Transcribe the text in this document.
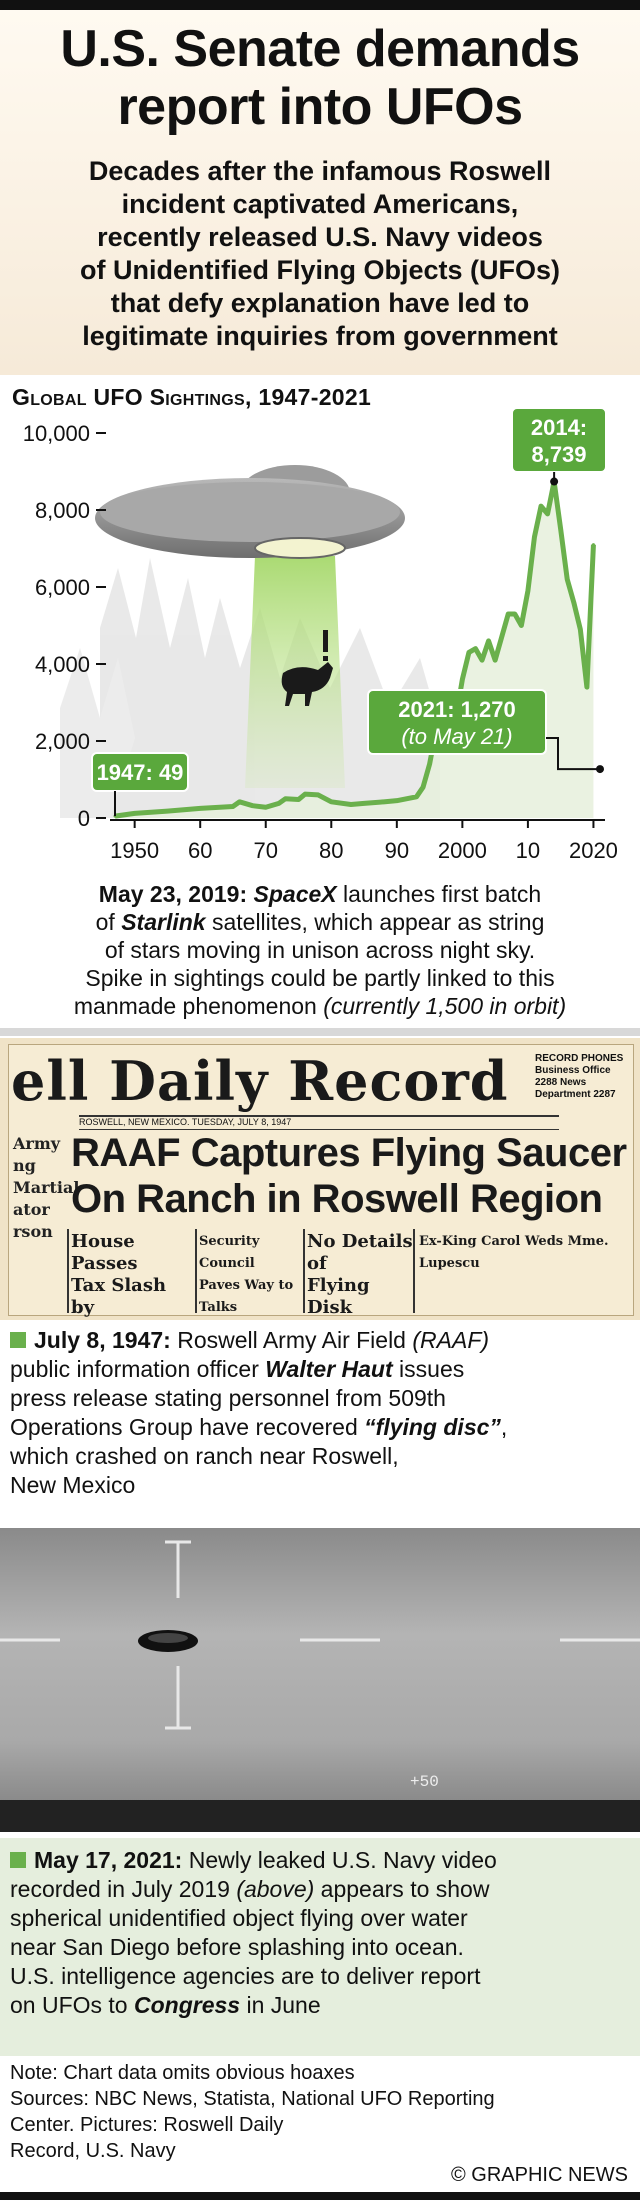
U.S. Senate demands
report into UFOs
Decades after the infamous Roswell
incident captivated Americans,
recently released U.S. Navy videos
of Unidentified Flying Objects (UFOs)
that defy explanation have led to
legitimate inquiries from government
Global UFO Sightings, 1947-2021
10,000
8,000
6,000
4,000
2,000
0
1950 60 70 80 90 2000 10 2020
1947: 49
2014:
8,739
2021: 1,270
(to May 21)
May 23, 2019: SpaceX launches first batch
of Starlink satellites, which appear as string
of stars moving in unison across night sky.
Spike in sightings could be partly linked to this
manmade phenomenon (currently 1,500 in orbit)
ell Daily Record	RECORD PHONES Business Office 2288 News Department 2287
ROSWELL, NEW MEXICO. TUESDAY, JULY 8, 1947
Army
ng
Martial
ator
rson
RAAF Captures Flying Saucer
On Ranch in Roswell Region
House Passes
Tax Slash by
Security Council
Paves Way to Talks
No Details of
Flying Disk
Ex-King Carol Weds Mme. Lupescu
July 8, 1947: Roswell Army Air Field (RAAF)
public information officer Walter Haut issues
press release stating personnel from 509th
Operations Group have recovered “flying disc”,
which crashed on ranch near Roswell,
New Mexico
+50
May 17, 2021: Newly leaked U.S. Navy video
recorded in July 2019 (above) appears to show
spherical unidentified object flying over water
near San Diego before splashing into ocean.
U.S. intelligence agencies are to deliver report
on UFOs to Congress in June
Note: Chart data omits obvious hoaxes
Sources: NBC News, Statista, National UFO Reporting
Center. Pictures: Roswell Daily
Record, U.S. Navy
© GRAPHIC NEWS
